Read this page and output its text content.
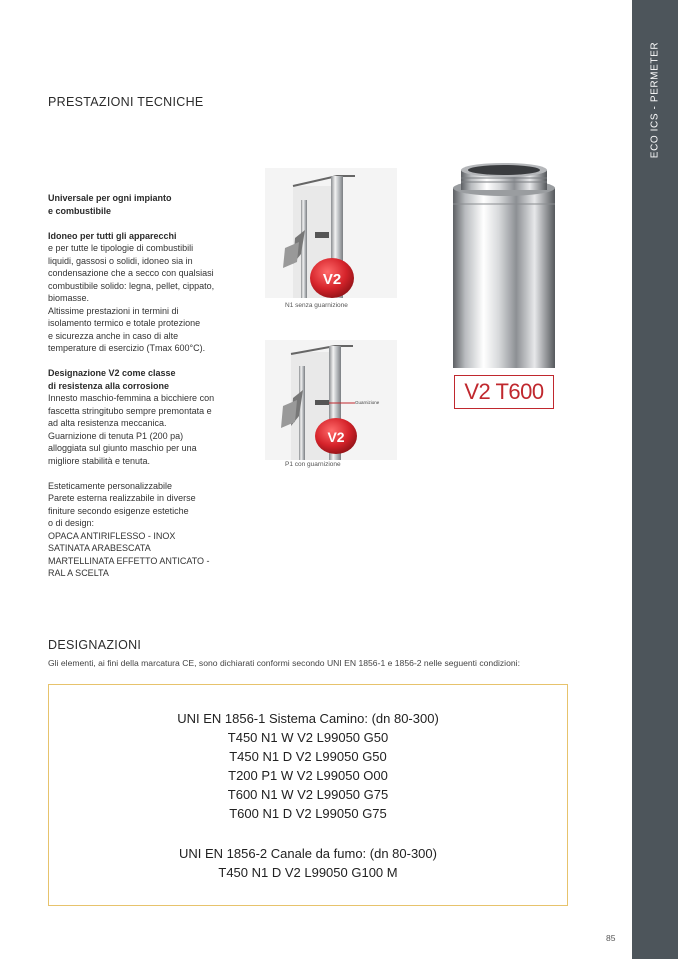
ECO ICS - PERMETER
PRESTAZIONI TECNICHE
Universale per ogni impianto
e combustibile
Idoneo per tutti gli apparecchi
e per tutte le tipologie di combustibili
liquidi, gassosi o solidi, idoneo sia in
condensazione che a secco con qualsiasi
combustibile solido: legna, pellet, cippato,
biomasse.
Altissime prestazioni in termini di
isolamento termico e totale protezione
e sicurezza anche in caso di alte
temperature di esercizio (Tmax 600°C).
Designazione V2 come classe
di resistenza alla corrosione
Innesto maschio-femmina a bicchiere con
fascetta stringitubo sempre premontata e
ad alta resistenza meccanica.
Guarnizione di tenuta P1 (200 pa)
alloggiata sul giunto maschio per una
migliore stabilità e tenuta.
Esteticamente personalizzabile
Parete esterna realizzabile in diverse
finiture secondo esigenze estetiche
o di design:
OPACA ANTIRIFLESSO - INOX
SATINATA ARABESCATA
MARTELLINATA EFFETTO ANTICATO -
RAL A SCELTA
V2
N1 senza guarnizione
Guarnizione
V2
P1 con guarnizione
V2 T600
DESIGNAZIONI
Gli elementi, ai fini della marcatura CE, sono dichiarati conformi secondo UNI EN 1856-1 e 1856-2 nelle seguenti condizioni:
UNI EN 1856-1 Sistema Camino: (dn 80-300)
T450 N1 W V2 L99050 G50
T450 N1 D V2 L99050 G50
T200 P1 W V2 L99050 O00
T600 N1 W V2 L99050 G75
T600 N1 D V2 L99050 G75
UNI EN 1856-2 Canale da fumo: (dn 80-300)
T450 N1 D V2 L99050 G100 M
85
